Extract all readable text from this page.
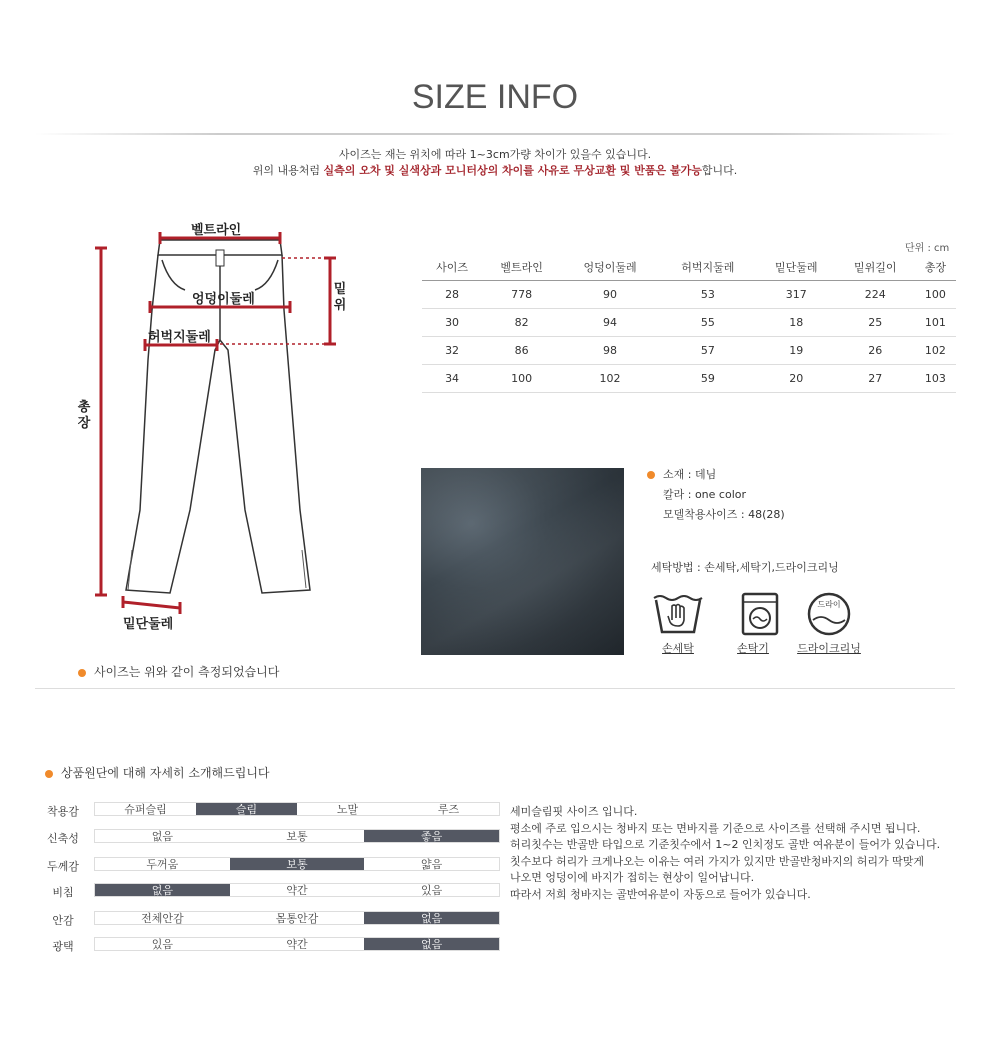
SIZE INFO
사이즈는 재는 위치에 따라 1~3cm가량 차이가 있을수 있습니다.
위의 내용처럼 실측의 오차 및 실색상과 모니터상의 차이를 사유로 무상교환 및 반품은 불가능합니다.
벨트라인
엉덩이둘레
허벅지둘레
밑위
총장
밑단둘레
사이즈는 위와 같이 측정되었습니다
단위 : cm
사이즈	벨트라인	엉덩이둘레	허벅지둘레	밑단둘레	밑위길이	총장
28	778	90	53	317	224	100
30	82	94	55	18	25	101
32	86	98	57	19	26	102
34	100	102	59	20	27	103
소재 : 데님
칼라 : one color
모델착용사이즈 : 48(28)
세탁방법 : 손세탁,세탁기,드라이크리닝
드라이
손세탁	손탁기	드라이크리닝
상품원단에 대해 자세히 소개해드립니다
착용감	슈퍼슬림	슬림	노말	루즈
신축성	없음	보통	좋음
두께감	두꺼움	보통	얇음
비침	없음	약간	있음
안감	전체안감	몸통안감	없음
광택	있음	약간	없음
세미슬림핏 사이즈 입니다.
평소에 주로 입으시는 청바지 또는 면바지를 기준으로 사이즈를 선택해 주시면 됩니다.
허리칫수는 반골반 타입으로 기준칫수에서 1~2 인치정도 골반 여유분이 들어가 있습니다.
칫수보다 허리가 크게나오는 이유는 여러 가지가 있지만 반골반청바지의 허리가 딱맞게
나오면 엉덩이에 바지가 접히는 현상이 일어납니다.
따라서 저희 청바지는 골반여유분이 자동으로 들어가 있습니다.
